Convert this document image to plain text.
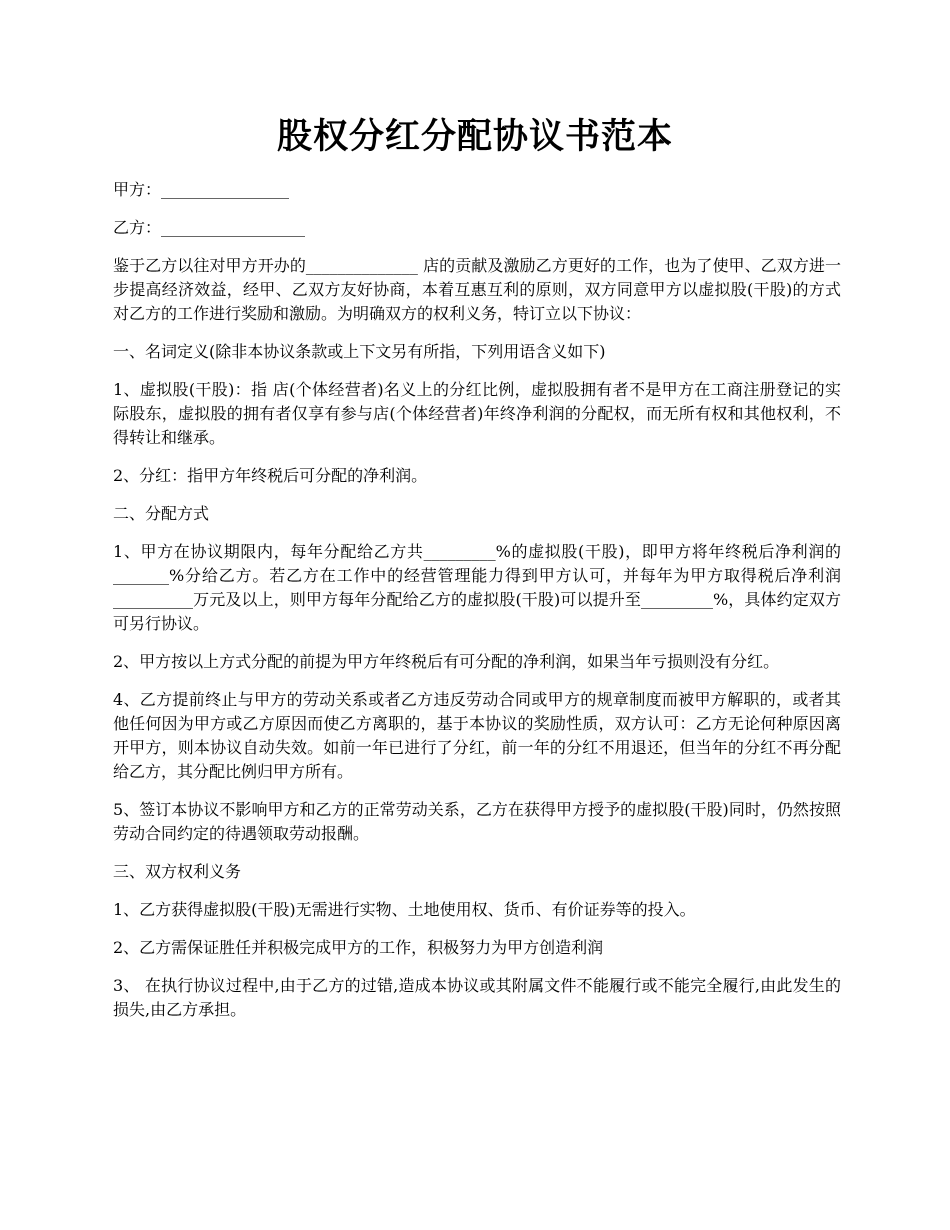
股权分红分配协议书范本

甲方：________________

乙方：__________________

鉴于乙方以往对甲方开办的______________ 店的贡献及激励乙方更好的工作，也为了使甲、乙双方进一步提高经济效益，经甲、乙双方友好协商，本着互惠互利的原则，双方同意甲方以虚拟股(干股)的方式对乙方的工作进行奖励和激励。为明确双方的权利义务，特订立以下协议：

一、名词定义(除非本协议条款或上下文另有所指，下列用语含义如下)

1、虚拟股(干股)：指 店(个体经营者)名义上的分红比例，虚拟股拥有者不是甲方在工商注册登记的实际股东，虚拟股的拥有者仅享有参与店(个体经营者)年终净利润的分配权，而无所有权和其他权利，不得转让和继承。

2、分红：指甲方年终税后可分配的净利润。

二、分配方式

1、甲方在协议期限内，每年分配给乙方共_________%的虚拟股(干股)，即甲方将年终税后净利润的_______%分给乙方。若乙方在工作中的经营管理能力得到甲方认可，并每年为甲方取得税后净利润 __________万元及以上，则甲方每年分配给乙方的虚拟股(干股)可以提升至_________%，具体约定双方可另行协议。

2、甲方按以上方式分配的前提为甲方年终税后有可分配的净利润，如果当年亏损则没有分红。

4、乙方提前终止与甲方的劳动关系或者乙方违反劳动合同或甲方的规章制度而被甲方解职的，或者其他任何因为甲方或乙方原因而使乙方离职的，基于本协议的奖励性质，双方认可：乙方无论何种原因离开甲方，则本协议自动失效。如前一年已进行了分红，前一年的分红不用退还，但当年的分红不再分配给乙方，其分配比例归甲方所有。

5、签订本协议不影响甲方和乙方的正常劳动关系，乙方在获得甲方授予的虚拟股(干股)同时，仍然按照劳动合同约定的待遇领取劳动报酬。

三、双方权利义务

1、乙方获得虚拟股(干股)无需进行实物、土地使用权、货币、有价证券等的投入。

2、乙方需保证胜任并积极完成甲方的工作，积极努力为甲方创造利润

3、 在执行协议过程中,由于乙方的过错,造成本协议或其附属文件不能履行或不能完全履行,由此发生的损失,由乙方承担。
